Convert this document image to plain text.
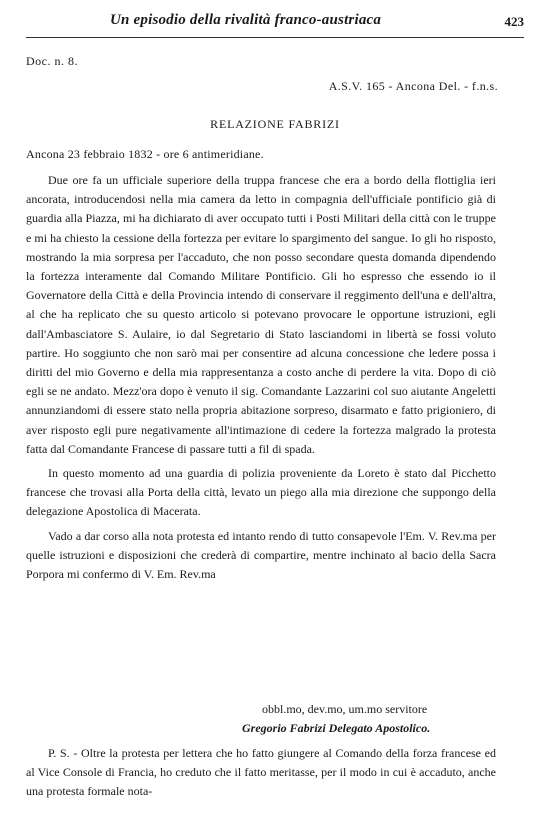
Un episodio della rivalità franco-austriaca	423
Doc. n. 8.
A.S.V. 165 - Ancona Del. - f.n.s.
RELAZIONE FABRIZI
Ancona 23 febbraio 1832 - ore 6 antimeridiane.

Due ore fa un ufficiale superiore della truppa francese che era a bordo della flottiglia ieri ancorata, introducendosi nella mia camera da letto in compagnia dell'ufficiale pontificio già di guardia alla Piazza, mi ha dichiarato di aver occupato tutti i Posti Militari della città con le truppe e mi ha chiesto la cessione della fortezza per evitare lo spargimento del sangue. Io gli ho risposto, mostrando la mia sorpresa per l'accaduto, che non posso secondare questa domanda dipendendo la fortezza interamente dal Comando Militare Pontificio. Gli ho espresso che essendo io il Governatore della Città e della Provincia intendo di conservare il reggimento dell'una e dell'altra, al che ha replicato che su questo articolo si potevano provocare le opportune istruzioni, egli dall'Ambasciatore S. Aulaire, io dal Segretario di Stato lasciandomi in libertà se fossi voluto partire. Ho soggiunto che non sarò mai per consentire ad alcuna concessione che ledere possa i diritti del mio Governo e della mia rappresentanza a costo anche di perdere la vita. Dopo di ciò egli se ne andato. Mezz'ora dopo è venuto il sig. Comandante Lazzarini col suo aiutante Angeletti annunziandomi di essere stato nella propria abitazione sorpreso, disarmato e fatto prigioniero, di aver risposto egli pure negativamente all'intimazione di cedere la fortezza malgrado la protesta fatta dal Comandante Francese di passare tutti a fil di spada.

In questo momento ad una guardia di polizia proveniente da Loreto è stato dal Picchetto francese che trovasi alla Porta della città, levato un piego alla mia direzione che suppongo della delegazione Apostolica di Macerata.

Vado a dar corso alla nota protesta ed intanto rendo di tutto consapevole l'Em. V. Rev.ma per quelle istruzioni e disposizioni che crederà di compartire, mentre inchinato al bacio della Sacra Porpora mi confermo di V. Em. Rev.ma

obbl.mo, dev.mo, um.mo servitore
Gregorio Fabrizi Delegato Apostolico.

P. S. - Oltre la protesta per lettera che ho fatto giungere al Comando della forza francese ed al Vice Console di Francia, ho creduto che il fatto meritasse, per il modo in cui è accaduto, anche una protesta formale nota-
